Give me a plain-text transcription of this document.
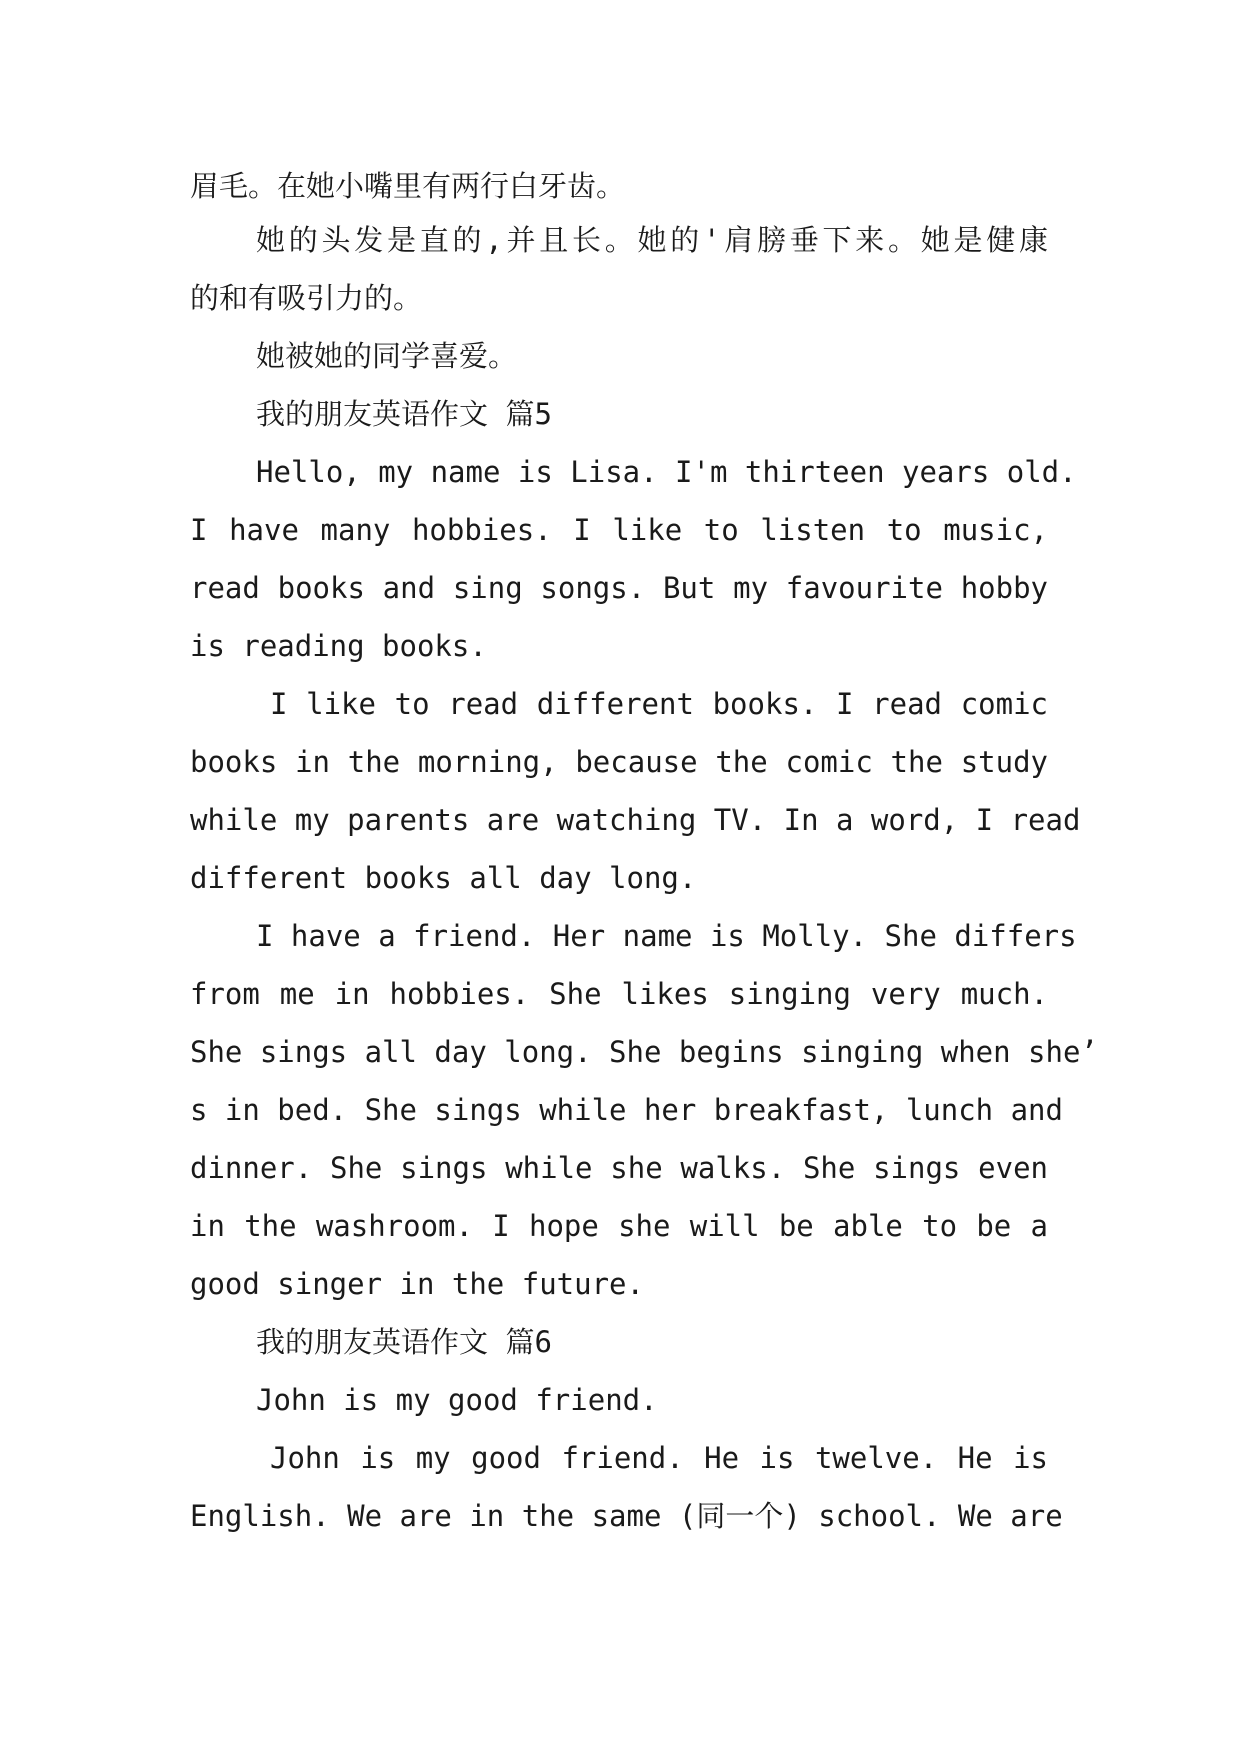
眉毛。在她小嘴里有两行白牙齿。

她的头发是直的,并且长。她的'肩膀垂下来。她是健康

的和有吸引力的。

她被她的同学喜爱。

我的朋友英语作文 篇5

Hello, my name is Lisa. I'm thirteen years old.

I have many hobbies. I like to listen to music,

read books and sing songs. But my favourite hobby

is reading books.

I like to read different books. I read comic

books in the morning, because the comic the study

while my parents are watching TV. In a word, I read

different books all day long.

I have a friend. Her name is Molly. She differs

from me in hobbies. She likes singing very much.

She sings all day long. She begins singing when she’

s in bed. She sings while her breakfast, lunch and

dinner. She sings while she walks. She sings even

in the washroom. I hope she will be able to be a

good singer in the future.

我的朋友英语作文 篇6

John is my good friend.

John is my good friend. He is twelve. He is

English. We are in the same (同一个) school. We are
